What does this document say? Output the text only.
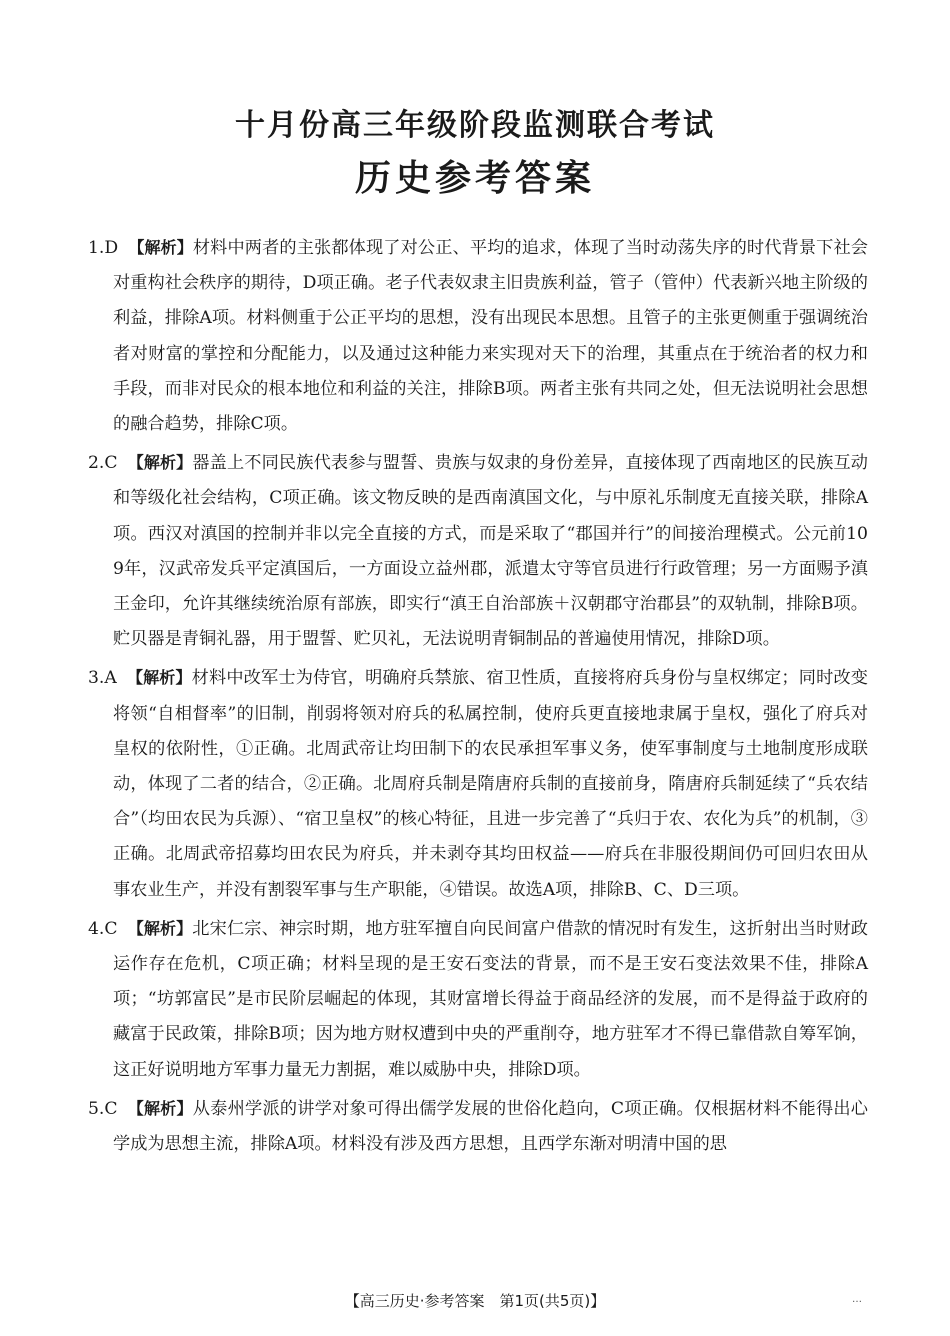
十月份高三年级阶段监测联合考试
历史参考答案

1.D 【解析】材料中两者的主张都体现了对公正、平均的追求，体现了当时动荡失序的时代背景下社会对重构社会秩序的期待，D项正确。老子代表奴隶主旧贵族利益，管子（管仲）代表新兴地主阶级的利益，排除A项。材料侧重于公正平均的思想，没有出现民本思想。且管子的主张更侧重于强调统治者对财富的掌控和分配能力，以及通过这种能力来实现对天下的治理，其重点在于统治者的权力和手段，而非对民众的根本地位和利益的关注，排除B项。两者主张有共同之处，但无法说明社会思想的融合趋势，排除C项。

2.C 【解析】器盖上不同民族代表参与盟誓、贵族与奴隶的身份差异，直接体现了西南地区的民族互动和等级化社会结构，C项正确。该文物反映的是西南滇国文化，与中原礼乐制度无直接关联，排除A项。西汉对滇国的控制并非以完全直接的方式，而是采取了“郡国并行”的间接治理模式。公元前109年，汉武帝发兵平定滇国后，一方面设立益州郡，派遣太守等官员进行行政管理；另一方面赐予滇王金印，允许其继续统治原有部族，即实行“滇王自治部族＋汉朝郡守治郡县”的双轨制，排除B项。贮贝器是青铜礼器，用于盟誓、贮贝礼，无法说明青铜制品的普遍使用情况，排除D项。

3.A 【解析】材料中改军士为侍官，明确府兵禁旅、宿卫性质，直接将府兵身份与皇权绑定；同时改变将领“自相督率”的旧制，削弱将领对府兵的私属控制，使府兵更直接地隶属于皇权，强化了府兵对皇权的依附性，①正确。北周武帝让均田制下的农民承担军事义务，使军事制度与土地制度形成联动，体现了二者的结合，②正确。北周府兵制是隋唐府兵制的直接前身，隋唐府兵制延续了“兵农结合”（均田农民为兵源）、“宿卫皇权”的核心特征，且进一步完善了“兵归于农、农化为兵”的机制，③正确。北周武帝招募均田农民为府兵，并未剥夺其均田权益——府兵在非服役期间仍可回归农田从事农业生产，并没有割裂军事与生产职能，④错误。故选A项，排除B、C、D三项。

4.C 【解析】北宋仁宗、神宗时期，地方驻军擅自向民间富户借款的情况时有发生，这折射出当时财政运作存在危机，C项正确；材料呈现的是王安石变法的背景，而不是王安石变法效果不佳，排除A项；“坊郭富民”是市民阶层崛起的体现，其财富增长得益于商品经济的发展，而不是得益于政府的藏富于民政策，排除B项；因为地方财权遭到中央的严重削夺，地方驻军才不得已靠借款自筹军饷，这正好说明地方军事力量无力割据，难以威胁中央，排除D项。

5.C 【解析】从泰州学派的讲学对象可得出儒学发展的世俗化趋向，C项正确。仅根据材料不能得出心学成为思想主流，排除A项。材料没有涉及西方思想，且西学东渐对明清中国的思

【高三历史·参考答案　第1页(共5页)】	…
